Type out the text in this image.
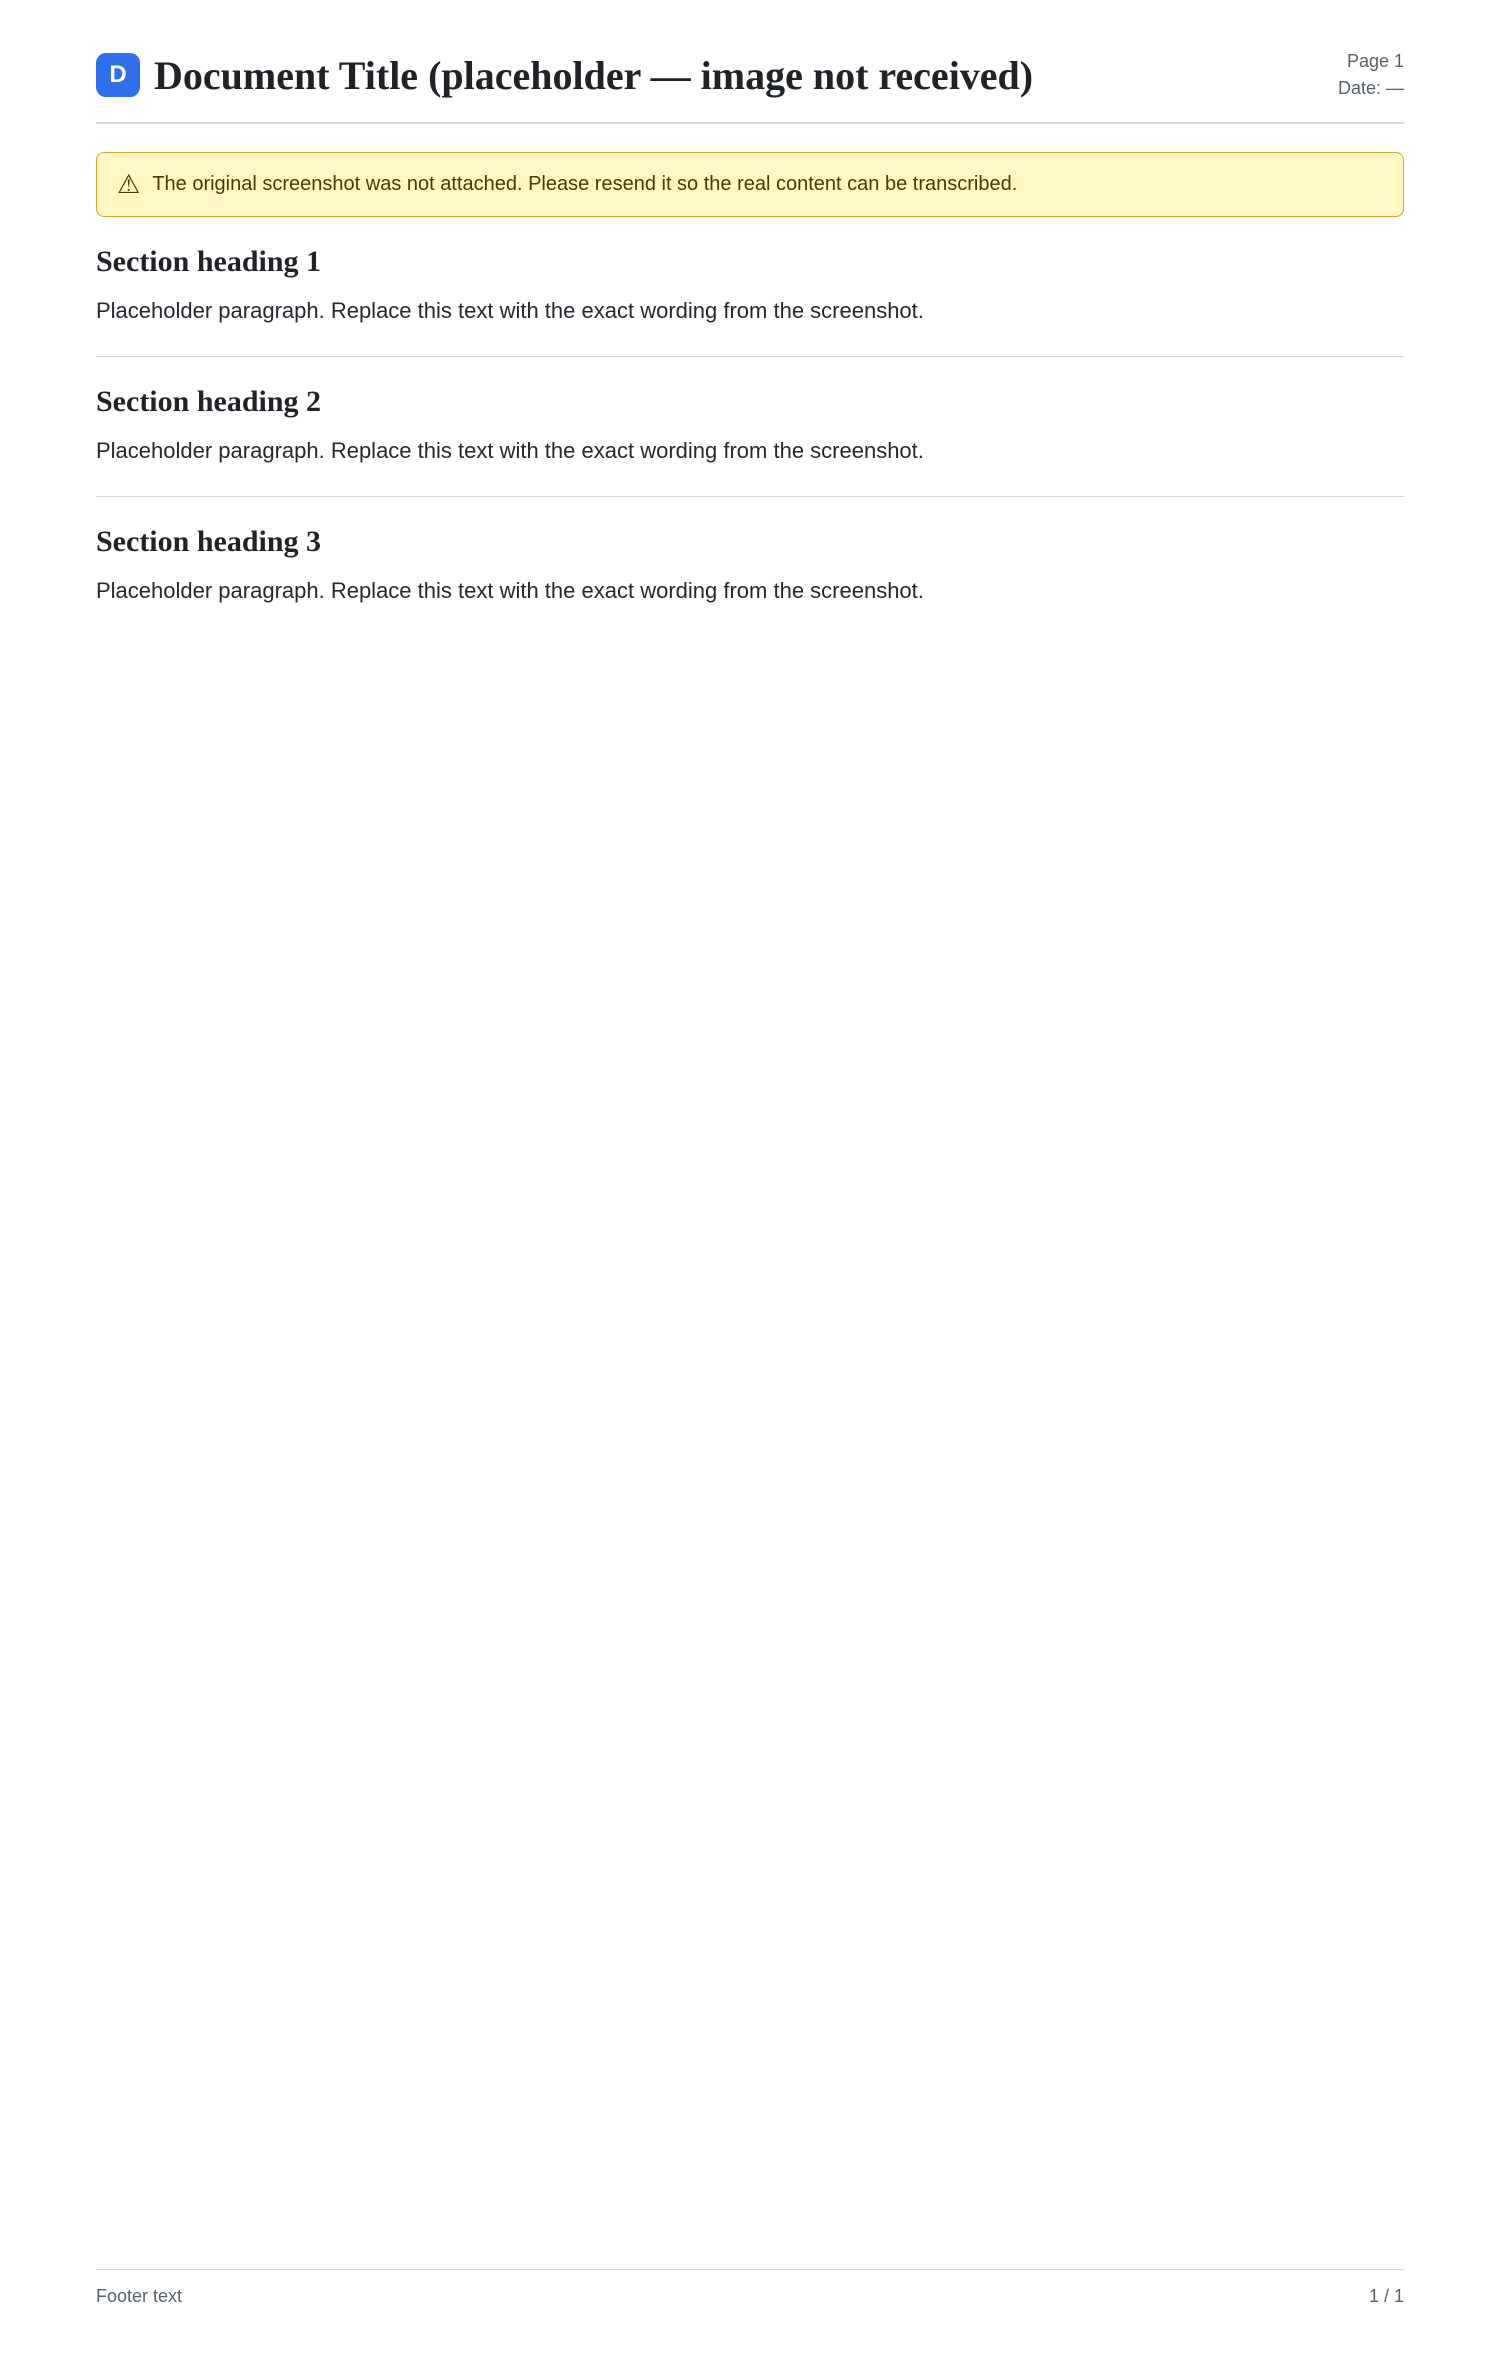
D Document Title (placeholder — image not received)	Page 1
Date: —
⚠ The original screenshot was not attached. Please resend it so the real content can be transcribed.
Section heading 1

Placeholder paragraph. Replace this text with the exact wording from the screenshot.

Section heading 2

Placeholder paragraph. Replace this text with the exact wording from the screenshot.

Section heading 3

Placeholder paragraph. Replace this text with the exact wording from the screenshot.

Footer text	1 / 1
